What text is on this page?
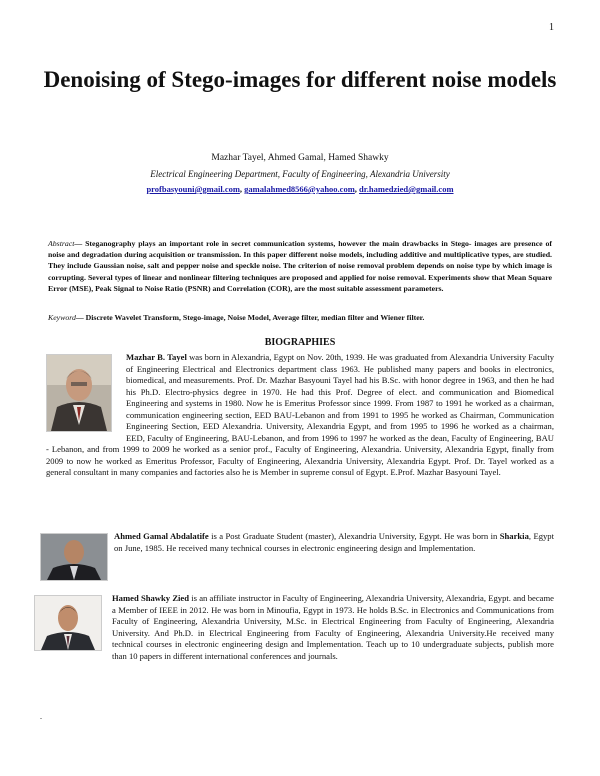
1
Denoising of Stego-images for different noise models
Mazhar Tayel, Ahmed Gamal, Hamed Shawky
Electrical Engineering Department, Faculty of Engineering, Alexandria University
profbasyouni@gmail.com, gamalahmed8566@yahoo.com, dr.hamedzied@gmail.com
Abstract— Steganography plays an important role in secret communication systems, however the main drawbacks in Stego- images are presence of noise and degradation during acquisition or transmission. In this paper different noise models, including additive and multiplicative types, are studied. They include Gaussian noise, salt and pepper noise and speckle noise. The criterion of noise removal problem depends on noise type by which image is corrupting. Several types of linear and nonlinear filtering techniques are proposed and applied for noise removal. Experiments show that Mean Square Error (MSE), Peak Signal to Noise Ratio (PSNR) and Correlation (COR), are the most suitable assessment parameters.
Keyword— Discrete Wavelet Transform, Stego-image, Noise Model, Average filter, median filter and Wiener filter.
BIOGRAPHIES
Mazhar B. Tayel was born in Alexandria, Egypt on Nov. 20th, 1939. He was graduated from Alexandria University Faculty of Engineering Electrical and Electronics department class 1963. He published many papers and books in electronics, biomedical, and measurements. Prof. Dr. Mazhar Basyouni Tayel had his B.Sc. with honor degree in 1963, and then he had his Ph.D. Electro-physics degree in 1970. He had this Prof. Degree of elect. and communication and Biomedical Engineering and systems in 1980. Now he is Emeritus Professor since 1999. From 1987 to 1991 he worked as a chairman, communication engineering section, EED BAU-Lebanon and from 1991 to 1995 he worked as Chairman, Communication Engineering Section, EED Alexandria. University, Alexandria Egypt, and from 1995 to 1996 he worked as a chairman, EED, Faculty of Engineering, BAU-Lebanon, and from 1996 to 1997 he worked as the dean, Faculty of Engineering, BAU - Lebanon, and from 1999 to 2009 he worked as a senior prof., Faculty of Engineering, Alexandria. University, Alexandria Egypt, finally from 2009 to now he worked as Emeritus Professor, Faculty of Engineering, Alexandria University, Alexandria Egypt. Prof. Dr. Tayel worked as a general consultant in many companies and factories also he is Member in supreme consul of Egypt. E.Prof. Mazhar Basyouni Tayel.
Ahmed Gamal Abdalatife is a Post Graduate Student (master), Alexandria University, Egypt. He was born in Sharkia, Egypt on June, 1985. He received many technical courses in electronic engineering design and Implementation.
Hamed Shawky Zied is an affiliate instructor in Faculty of Engineering, Alexandria University, Alexandria, Egypt. and became a Member of IEEE in 2012. He was born in Minoufia, Egypt in 1973. He holds B.Sc. in Electronics and Communications from Faculty of Engineering, Alexandria University, M.Sc. in Electrical Engineering from Faculty of Engineering, Alexandria University. And Ph.D. in Electrical Engineering from Faculty of Engineering, Alexandria University.He received many technical courses in electronic engineering design and Implementation. Teach up to 10 undergraduate subjects, publish more than 10 papers in different international conferences and journals.
.
